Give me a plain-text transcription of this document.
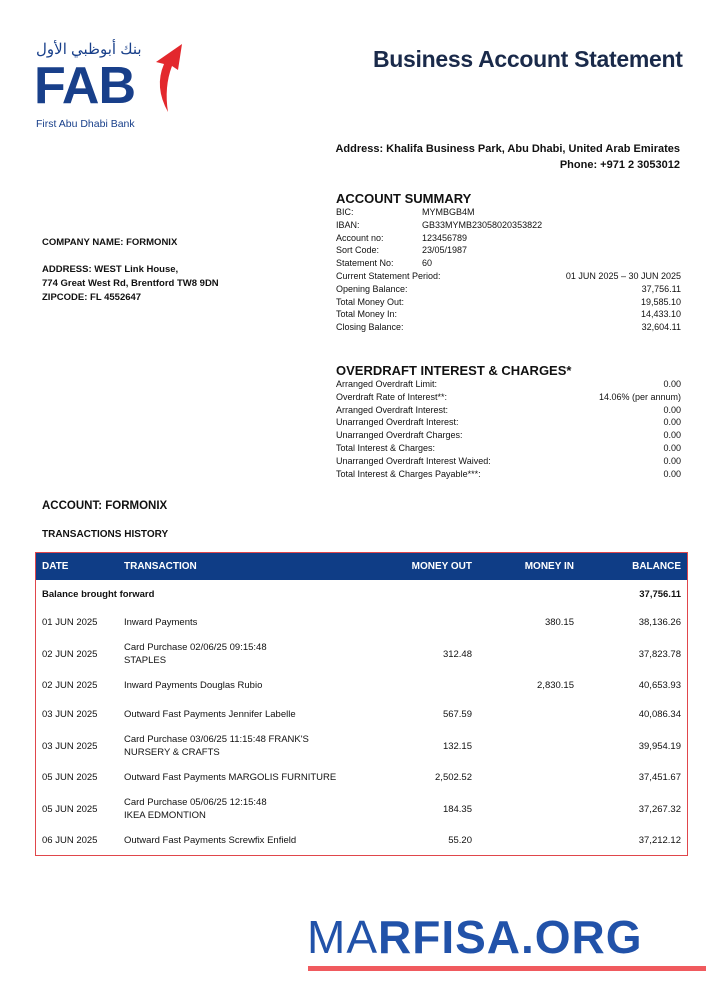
بنك أبوظبي الأول
FAB
First Abu Dhabi Bank
Business Account Statement
Address: Khalifa Business Park, Abu Dhabi, United Arab Emirates
Phone: +971 2 3053012
COMPANY NAME: FORMONIX
ADDRESS: WEST Link House,
774 Great West Rd, Brentford TW8 9DN
ZIPCODE: FL 4552647
ACCOUNT SUMMARY
BIC:	MYMBGB4M
IBAN:	GB33MYMB23058020353822
Account no:	123456789
Sort Code:	23/05/1987
Statement No:	60
Current Statement Period:	01 JUN 2025 – 30 JUN 2025
Opening Balance:	37,756.11
Total Money Out:	19,585.10
Total Money In:	14,433.10
Closing Balance:	32,604.11
OVERDRAFT INTEREST & CHARGES*
Arranged Overdraft Limit:	0.00
Overdraft Rate of Interest**:	14.06% (per annum)
Arranged Overdraft Interest:	0.00
Unarranged Overdraft Interest:	0.00
Unarranged Overdraft Charges:	0.00
Total Interest & Charges:	0.00
Unarranged Overdraft Interest Waived:	0.00
Total Interest & Charges Payable***:	0.00
ACCOUNT: FORMONIX
TRANSACTIONS HISTORY
DATE	TRANSACTION	MONEY OUT	MONEY IN	BALANCE
Balance brought forward				37,756.11
01 JUN 2025	Inward Payments		380.15	38,136.26
02 JUN 2025	Card Purchase 02/06/25 09:15:48
STAPLES	312.48		37,823.78
02 JUN 2025	Inward Payments Douglas Rubio		2,830.15	40,653.93
03 JUN 2025	Outward Fast Payments Jennifer Labelle	567.59		40,086.34
03 JUN 2025	Card Purchase 03/06/25 11:15:48 FRANK'S
NURSERY & CRAFTS	132.15		39,954.19
05 JUN 2025	Outward Fast Payments MARGOLIS FURNITURE	2,502.52		37,451.67
05 JUN 2025	Card Purchase 05/06/25 12:15:48
IKEA EDMONTION	184.35		37,267.32
06 JUN 2025	Outward Fast Payments Screwfix Enfield	55.20		37,212.12
MARFISA.ORG
